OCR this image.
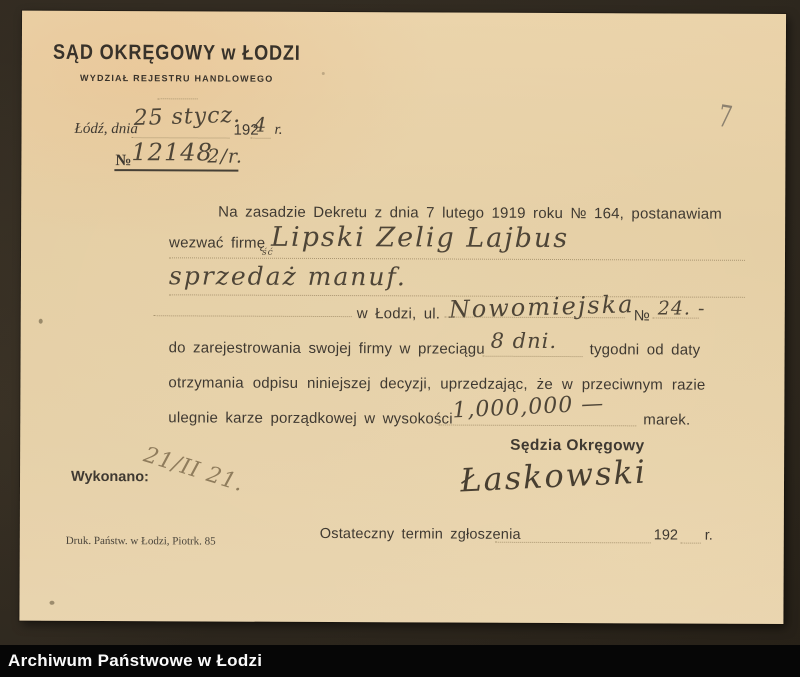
SĄD OKRĘGOWY w ŁODZI
WYDZIAŁ REJESTRU HANDLOWEGO
Łódź, dnia
25 stycz.
192
4 r.
№ 12148
2/r.
Na zasadzie Dekretu z dnia 7 lutego 1919 roku № 164, postanawiam
wezwać firmę
ść
Lipski Zelig Lajbus
sprzedaż manuf.
w Łodzi, ul. Nowomiejska
№ 24. -
do zarejestrowania swojej firmy w przeciągu 8 dni. tygodni od daty
otrzymania odpisu niniejszej decyzji, uprzedzając, że w przeciwnym razie
ulegnie karze porządkowej w wysokości
1,000,000 —	marek.
Sędzia Okręgowy
Łaskowski
Wykonano:
21/II 21.
Druk. Państw. w Łodzi, Piotrk. 85	Ostateczny termin zgłoszenia	192 r.
7
Archiwum Państwowe w Łodzi
